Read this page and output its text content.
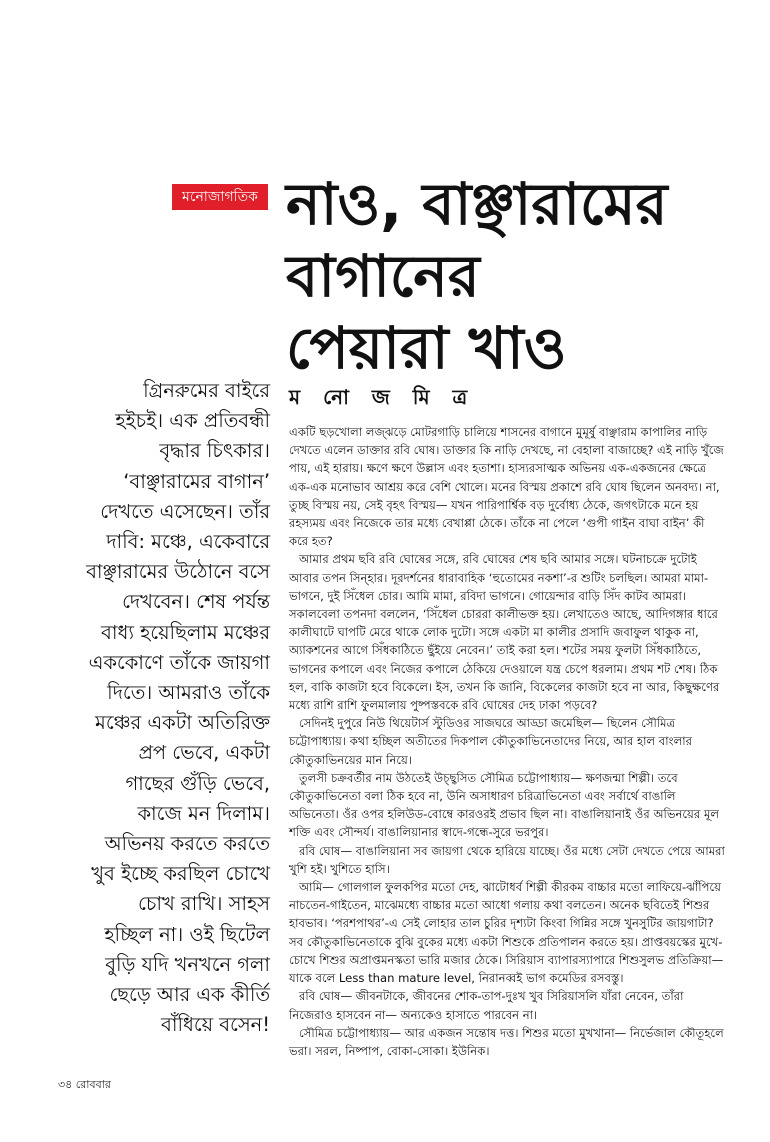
মনোজাগতিক নাও, বাঞ্ছারামের
বাগানের
পেয়ারা খাও
ম নো জ মি ত্র
গ্রিনরুমের বাইরে
হইচই। এক প্রতিবন্ধী
বৃদ্ধার চিৎকার।
‘বাঞ্ছারামের বাগান’
দেখতে এসেছেন। তাঁর
দাবি: মঞ্চে, একেবারে
বাঞ্ছারামের উঠোনে বসে
দেখবেন। শেষ পর্যন্ত
বাধ্য হয়েছিলাম মঞ্চের
এককোণে তাঁকে জায়গা
দিতে। আমরাও তাঁকে
মঞ্চের একটা অতিরিক্ত
প্রপ ভেবে, একটা
গাছের গুঁড়ি ভেবে,
কাজে মন দিলাম।
অভিনয় করতে করতে
খুব ইচ্ছে করছিল চোখে
চোখ রাখি। সাহস
হচ্ছিল না। ওই ছিটেল
বুড়ি যদি খনখনে গলা
ছেড়ে আর এক কীর্তি
বাঁধিয়ে বসেন!

একটি ছড়খোলা লজ্‌ঝড়ে মোটরগাড়ি চালিয়ে শাসনের বাগানে মুমূর্ষু বাঞ্ছারাম কাপালির নাড়ি দেখতে এলেন ডাক্তার রবি ঘোষ। ডাক্তার কি নাড়ি দেখছে, না বেহালা বাজাচ্ছে? এই নাড়ি খুঁজে পায়, এই হারায়। ক্ষণে ক্ষণে উল্লাস এবং হতাশা। হাস্যরসাত্মক অভিনয় এক-একজনের ক্ষেত্রে এক-এক মনোভাব আশ্রয় করে বেশি খোলে। মনের বিস্ময় প্রকাশে রবি ঘোষ ছিলেন অনবদ্য। না, তুচ্ছ বিস্ময় নয়, সেই বৃহৎ বিস্ময়— যখন পারিপার্শ্বিক বড় দুর্বোধ্য ঠেকে, জগৎটাকে মনে হয় রহস্যময় এবং নিজেকে তার মধ্যে বেখাপ্পা ঠেকে। তাঁকে না পেলে ‘গুপী গাইন বাঘা বাইন’ কী করে হত?

আমার প্রথম ছবি রবি ঘোষের সঙ্গে, রবি ঘোষের শেষ ছবি আমার সঙ্গে। ঘটনাচক্রে দুটোই আবার তপন সিন্‌হার। দূরদর্শনের ধারাবাহিক ‘হুতোমের নকশা’-র শুটিং চলছিল। আমরা মামা-ভাগনে, দুই সিঁধেল চোর। আমি মামা, রবিদা ভাগনে। গোয়েন্দার বাড়ি সিঁদ কাটব আমরা। সকালবেলা তপনদা বললেন, ‘সিঁধেল চোররা কালীভক্ত হয়। লেখাতেও আছে, আদিগঙ্গার ধারে কালীঘাটে ঘাপটি মেরে থাকে লোক দুটো। সঙ্গে একটা মা কালীর প্রসাদি জবাফুল থাকুক না, অ্যাকশনের আগে সিঁধকাঠিতে ছুঁইয়ে নেবেন।’ তাই করা হল। শটের সময় ফুলটা সিঁধকাঠিতে, ভাগনের কপালে এবং নিজের কপালে ঠেকিয়ে দেওয়ালে যন্ত্র চেপে ধরলাম। প্রথম শট শেষ। ঠিক হল, বাকি কাজটা হবে বিকেলে। ইস, তখন কি জানি, বিকেলের কাজটা হবে না আর, কিছুক্ষণের মধ্যে রাশি রাশি ফুলমালায় পুষ্পস্তবকে রবি ঘোষের দেহ ঢাকা পড়বে?

সেদিনই দুপুরে নিউ থিয়েটার্স স্টুডিওর সাজঘরে আড্ডা জমেছিল— ছিলেন সৌমিত্র চট্টোপাধ্যায়। কথা হচ্ছিল অতীতের দিকপাল কৌতুকাভিনেতাদের নিয়ে, আর হাল বাংলার কৌতুকাভিনয়ের মান নিয়ে।

তুলসী চক্রবর্তীর নাম উঠতেই উচ্ছ্বসিত সৌমিত্র চট্টোপাধ্যায়— ক্ষণজন্মা শিল্পী। তবে কৌতুকাভিনেতা বলা ঠিক হবে না, উনি অসাধারণ চরিত্রাভিনেতা এবং সর্বার্থে বাঙালি অভিনেতা। ওঁর ওপর হলিউড-বোম্বে কারওরই প্রভাব ছিল না। বাঙালিয়ানাই ওঁর অভিনয়ের মূল শক্তি এবং সৌন্দর্য। বাঙালিয়ানার স্বাদে-গন্ধে-সুরে ভরপুর।

রবি ঘোষ— বাঙালিয়ানা সব জায়গা থেকে হারিয়ে যাচ্ছে। ওঁর মধ্যে সেটা দেখতে পেয়ে আমরা খুশি হই। খুশিতে হাসি।

আমি— গোলগাল ফুলকপির মতো দেহ, ঝাটোধর্ব শিল্পী কীরকম বাচ্চার মতো লাফিয়ে-ঝাঁপিয়ে নাচতেন-গাইতেন, মাঝেমধ্যে বাচ্চার মতো আধো গলায় কথা বলতেন। অনেক ছবিতেই শিশুর হাবভাব। ‘পরশপাথর’-এ সেই লোহার তাল চুরির দৃশ্যটা কিংবা গিন্নির সঙ্গে খুনসুটির জায়গাটা? সব কৌতুকাভিনেতাকে বুঝি বুকের মধ্যে একটা শিশুকে প্রতিপালন করতে হয়। প্রাপ্তবয়স্কের মুখে-চোখে শিশুর অপ্রাপ্তমনস্কতা ভারি মজার ঠেকে। সিরিয়াস ব্যাপারস্যাপারে শিশুসুলভ প্রতিক্রিয়া— যাকে বলে Less than mature level, নিরানব্বই ভাগ কমেডির রসবস্তু।

রবি ঘোষ— জীবনটাকে, জীবনের শোক-তাপ-দুঃখ খুব সিরিয়াসলি যাঁরা নেবেন, তাঁরা নিজেরাও হাসবেন না— অন্যকেও হাসাতে পারবেন না।

সৌমিত্র চট্টোপাধ্যায়— আর একজন সন্তোষ দত্ত। শিশুর মতো মুখখানা— নির্ভেজাল কৌতূহলে ভরা। সরল, নিষ্পাপ, বোকা-সোকা। ইউনিক।

৩৪ রোববার
